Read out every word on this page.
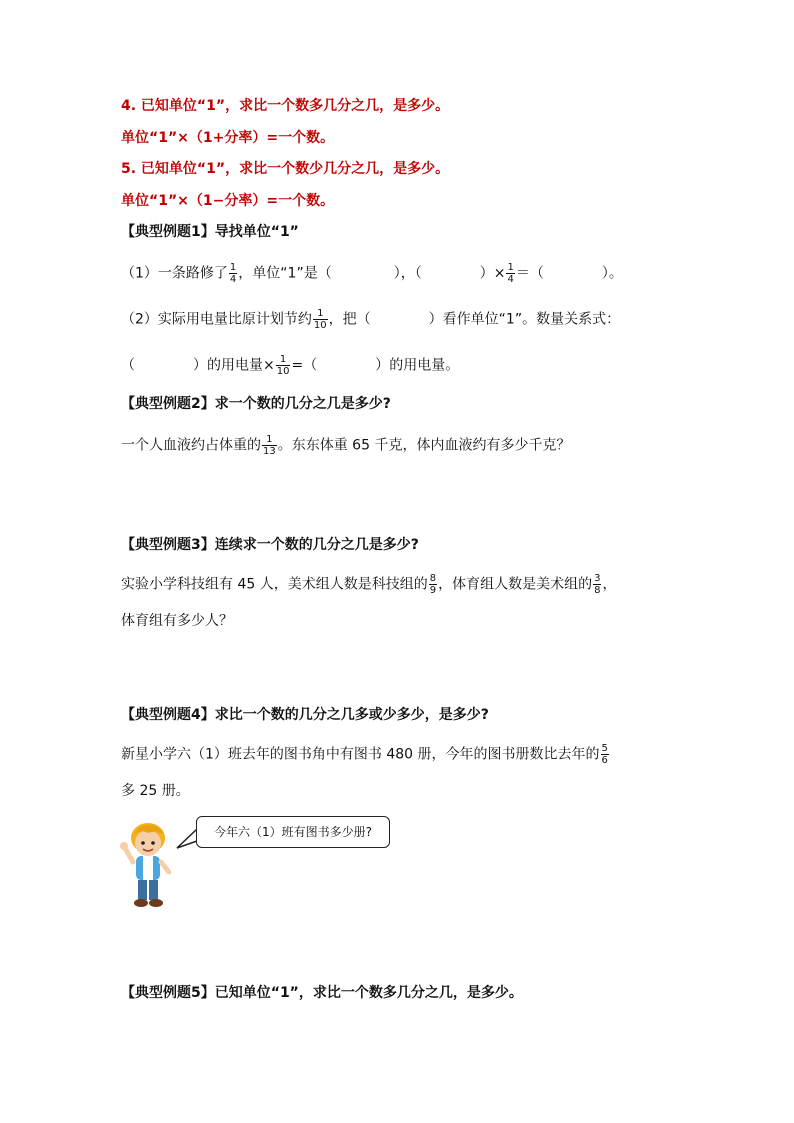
4. 已知单位“1”，求比一个数多几分之几，是多少。
单位“1”×（1+分率）=一个数。
5. 已知单位“1”，求比一个数少几分之几，是多少。
单位“1”×（1−分率）=一个数。
【典型例题1】导找单位“1”
（1）一条路修了 $\frac{1}{4}$ ，单位“1”是（	），（	）× $\frac{1}{4}$ ＝（	）。
（2）实际用电量比原计划节约 $\frac{1}{10}$ ，把（	）看作单位“1”。数量关系式：
（	）的用电量× $\frac{1}{10}$ =（	）的用电量。
【典型例题2】求一个数的几分之几是多少?
一个人血液约占体重的 $\frac{1}{13}$ 。东东体重 65 千克，体内血液约有多少千克？
【典型例题3】连续求一个数的几分之几是多少?
实验小学科技组有 45 人，美术组人数是科技组的 $\frac{8}{9}$ ，体育组人数是美术组的 $\frac{3}{8}$ ，
体育组有多少人？
【典型例题4】求比一个数的几分之几多或少多少，是多少?
新星小学六（1）班去年的图书角中有图书 480 册，今年的图书册数比去年的 $\frac{5}{6}$
多 25 册。
今年六（1）班有图书多少册?
【典型例题5】已知单位“1”，求比一个数多几分之几，是多少。
